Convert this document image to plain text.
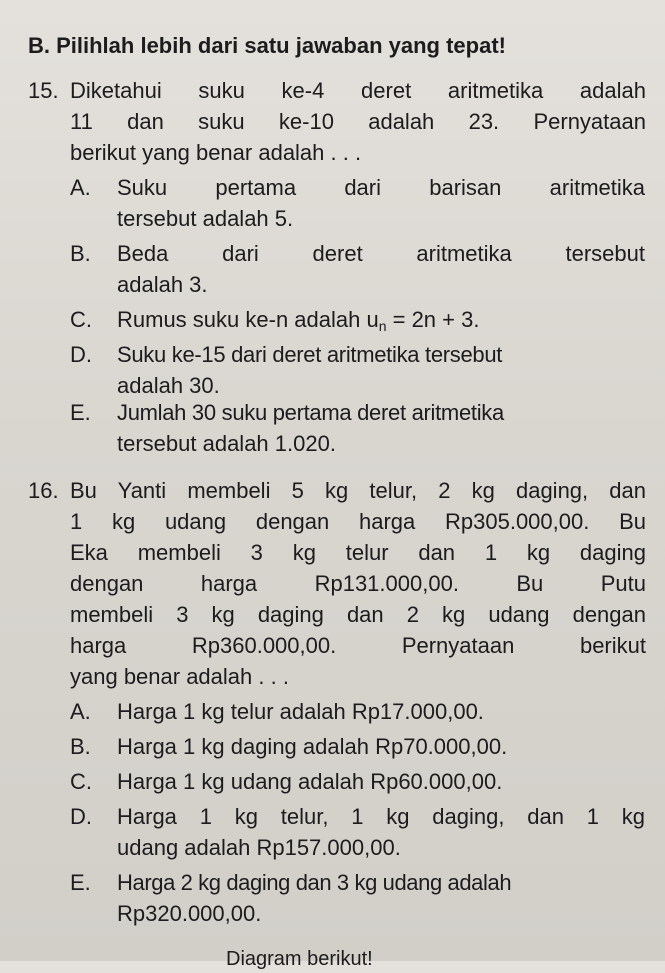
B. Pilihlah lebih dari satu jawaban yang tepat!
15. Diketahui suku ke-4 deret aritmetika adalah
11 dan suku ke-10 adalah 23. Pernyataan
berikut yang benar adalah . . .
A. Suku pertama dari barisan aritmetika
tersebut adalah 5.
B. Beda dari deret aritmetika tersebut
adalah 3.
C. Rumus suku ke-n adalah $u_n = 2n + 3$.
D. Suku ke-15 dari deret aritmetika tersebut
adalah 30.
E. Jumlah 30 suku pertama deret aritmetika
tersebut adalah 1.020.
16. Bu Yanti membeli 5 kg telur, 2 kg daging, dan
1 kg udang dengan harga Rp305.000,00. Bu
Eka membeli 3 kg telur dan 1 kg daging
dengan harga Rp131.000,00. Bu Putu
membeli 3 kg daging dan 2 kg udang dengan
harga Rp360.000,00. Pernyataan berikut
yang benar adalah . . .
A. Harga 1 kg telur adalah Rp17.000,00.
B. Harga 1 kg daging adalah Rp70.000,00.
C. Harga 1 kg udang adalah Rp60.000,00.
D. Harga 1 kg telur, 1 kg daging, dan 1 kg
udang adalah Rp157.000,00.
E. Harga 2 kg daging dan 3 kg udang adalah
Rp320.000,00.
Diagram berikut!
